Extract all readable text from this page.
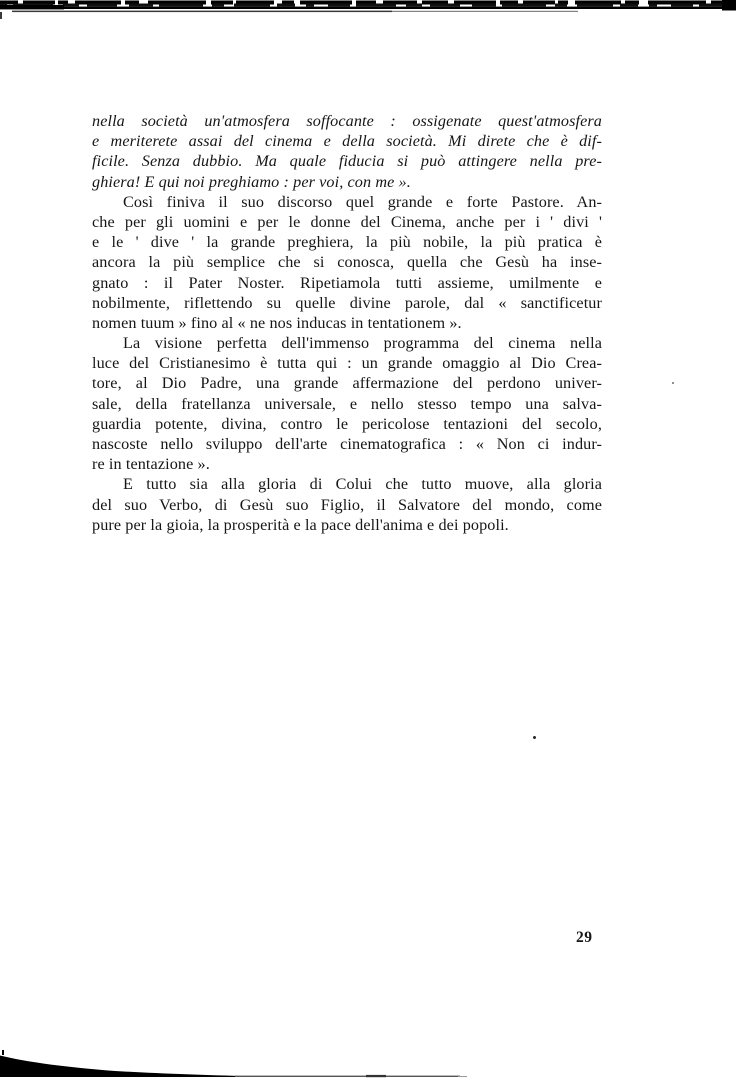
nella società un'atmosfera soffocante : ossigenate quest'atmosfera
e meriterete assai del cinema e della società. Mi direte che è dif-
ficile. Senza dubbio. Ma quale fiducia si può attingere nella pre-
ghiera! E qui noi preghiamo : per voi, con me ».
Così finiva il suo discorso quel grande e forte Pastore. An-
che per gli uomini e per le donne del Cinema, anche per i ' divi '
e le ' dive ' la grande preghiera, la più nobile, la più pratica è
ancora la più semplice che si conosca, quella che Gesù ha inse-
gnato : il Pater Noster. Ripetiamola tutti assieme, umilmente e
nobilmente, riflettendo su quelle divine parole, dal « sanctificetur
nomen tuum » fino al « ne nos inducas in tentationem ».
La visione perfetta dell'immenso programma del cinema nella
luce del Cristianesimo è tutta qui : un grande omaggio al Dio Crea-
tore, al Dio Padre, una grande affermazione del perdono univer-
sale, della fratellanza universale, e nello stesso tempo una salva-
guardia potente, divina, contro le pericolose tentazioni del secolo,
nascoste nello sviluppo dell'arte cinematografica : « Non ci indur-
re in tentazione ».
E tutto sia alla gloria di Colui che tutto muove, alla gloria
del suo Verbo, di Gesù suo Figlio, il Salvatore del mondo, come
pure per la gioia, la prosperità e la pace dell'anima e dei popoli.
29
